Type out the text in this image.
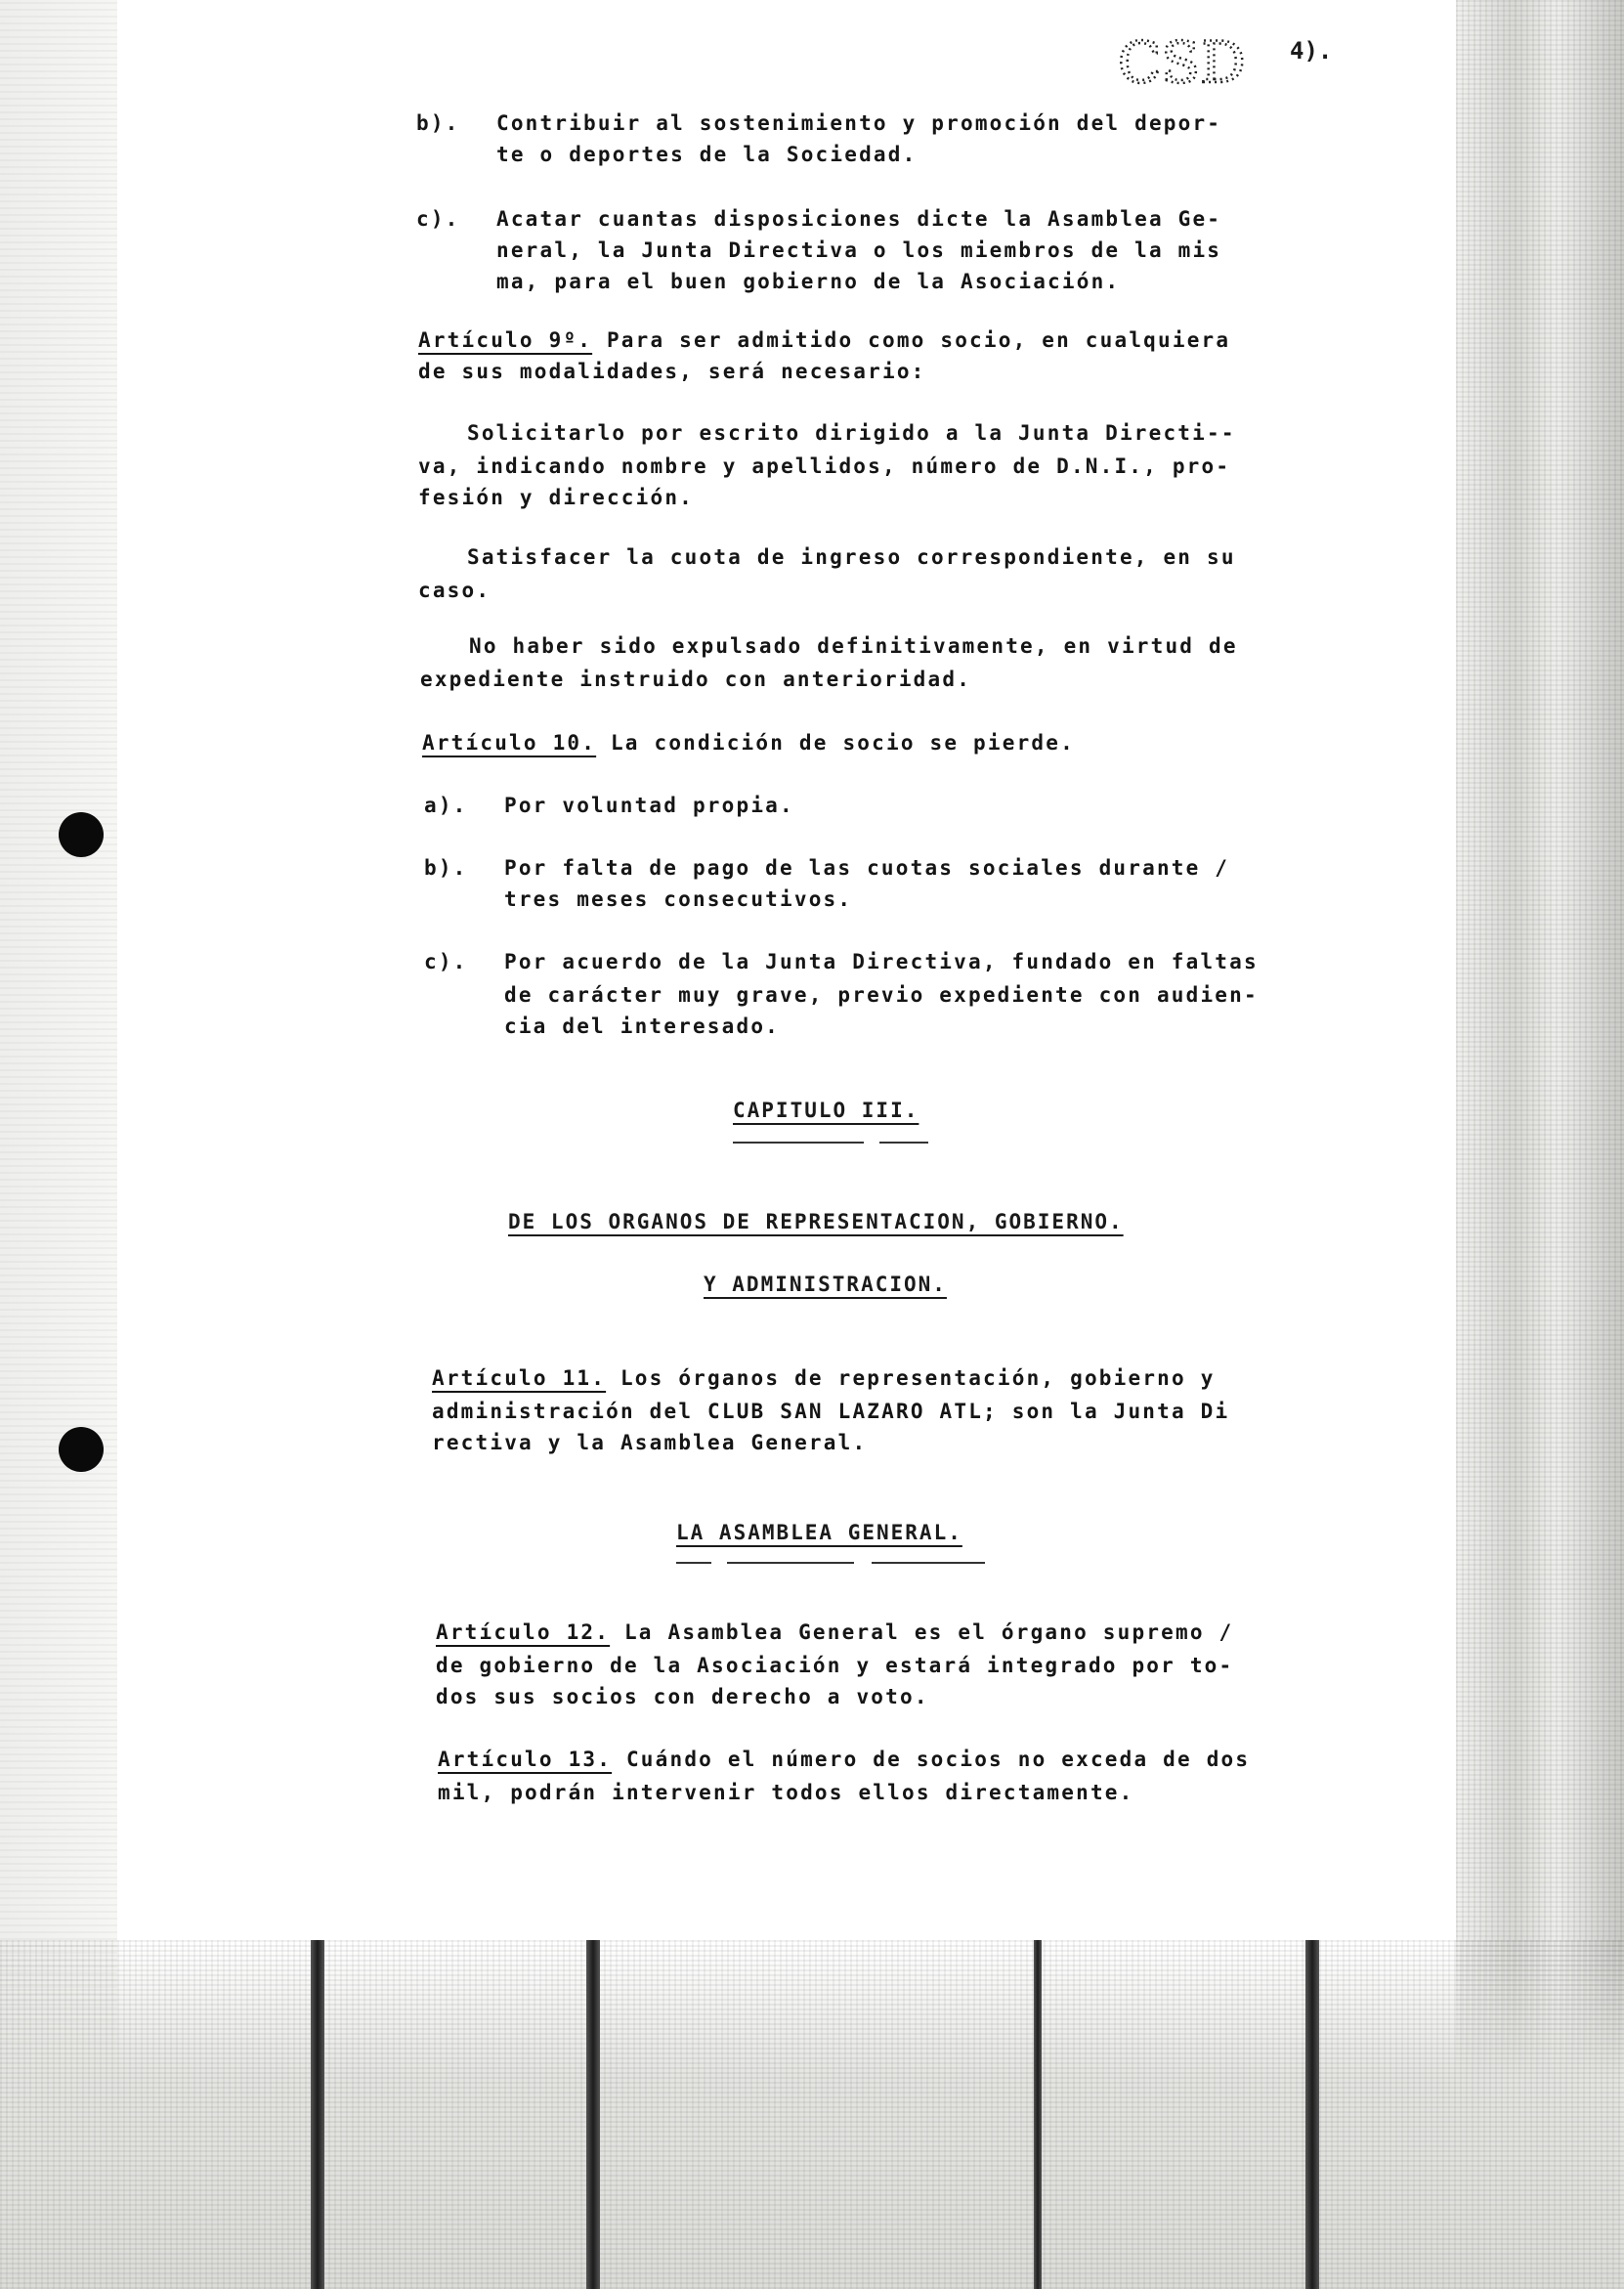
CSD 4).
b). Contribuir al sostenimiento y promoción del depor-
te o deportes de la Sociedad.
c). Acatar cuantas disposiciones dicte la Asamblea Ge-
neral, la Junta Directiva o los miembros de la mis
ma, para el buen gobierno de la Asociación.
Artículo 9º. Para ser admitido como socio, en cualquiera
de sus modalidades, será necesario:
Solicitarlo por escrito dirigido a la Junta Directi--
va, indicando nombre y apellidos, número de D.N.I., pro-
fesión y dirección.
Satisfacer la cuota de ingreso correspondiente, en su
caso.
No haber sido expulsado definitivamente, en virtud de
expediente instruido con anterioridad.
Artículo 10. La condición de socio se pierde.
a). Por voluntad propia.
b). Por falta de pago de las cuotas sociales durante /
tres meses consecutivos.
c). Por acuerdo de la Junta Directiva, fundado en faltas
de carácter muy grave, previo expediente con audien-
cia del interesado.
CAPITULO III.
DE LOS ORGANOS DE REPRESENTACION, GOBIERNO.
Y ADMINISTRACION.
Artículo 11. Los órganos de representación, gobierno y
administración del CLUB SAN LAZARO ATL; son la Junta Di
rectiva y la Asamblea General.
LA ASAMBLEA GENERAL.
Artículo 12. La Asamblea General es el órgano supremo /
de gobierno de la Asociación y estará integrado por to-
dos sus socios con derecho a voto.
Artículo 13. Cuándo el número de socios no exceda de dos
mil, podrán intervenir todos ellos directamente.
